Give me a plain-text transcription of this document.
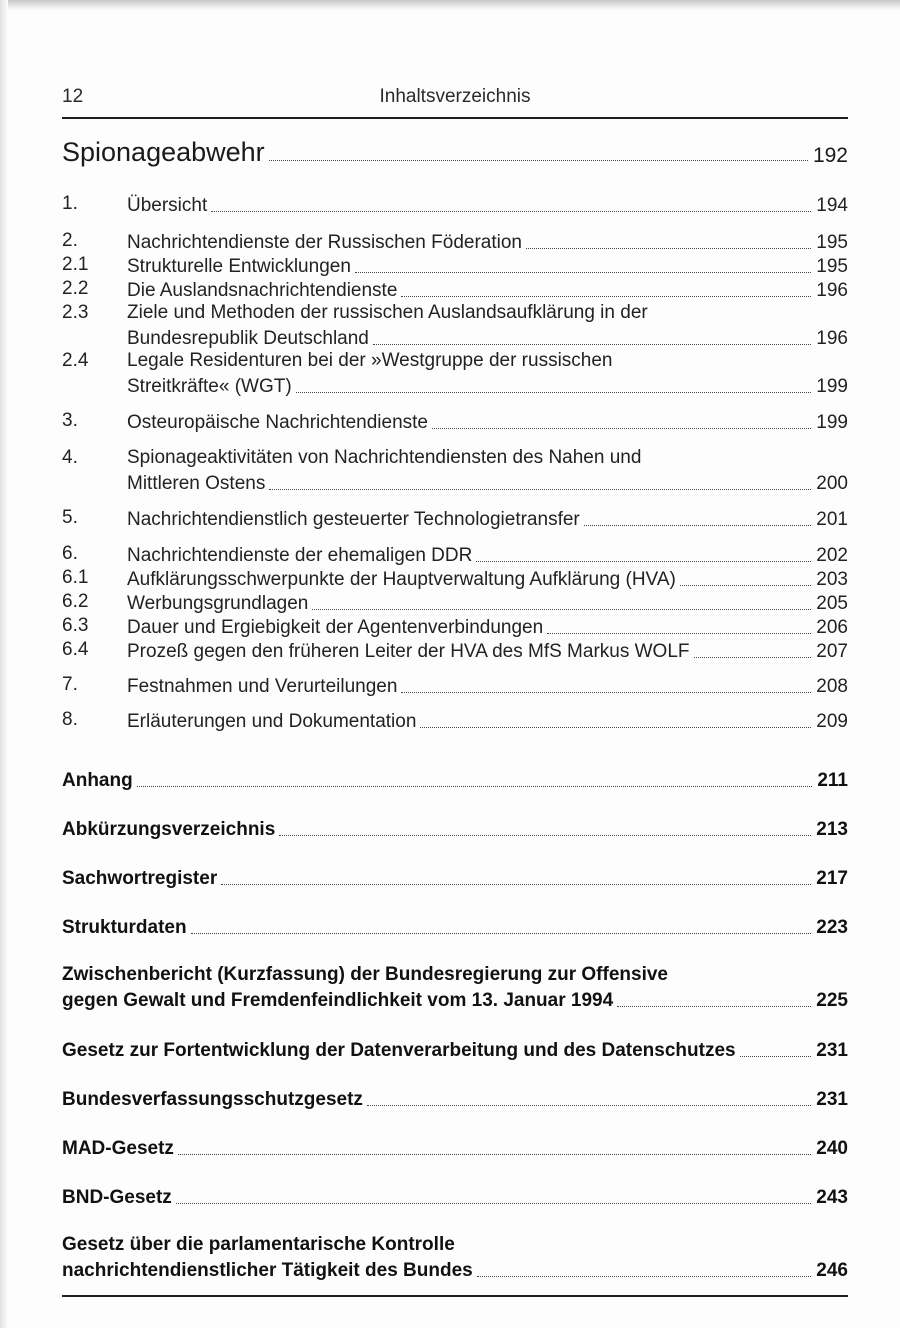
12	Inhaltsverzeichnis
Spionageabwehr	192
1.	Übersicht	194
2.	Nachrichtendienste der Russischen Föderation	195
2.1 Strukturelle Entwicklungen	195
2.2 Die Auslandsnachrichtendienste	196
2.3 Ziele und Methoden der russischen Auslandsaufklärung in der
Bundesrepublik Deutschland	196
2.4 Legale Residenturen bei der »Westgruppe der russischen
Streitkräfte« (WGT)	199
3.	Osteuropäische Nachrichtendienste	199
4.	Spionageaktivitäten von Nachrichtendiensten des Nahen und
Mittleren Ostens	200
5.	Nachrichtendienstlich gesteuerter Technologietransfer	201
6.	Nachrichtendienste der ehemaligen DDR	202
6.1 Aufklärungsschwerpunkte der Hauptverwaltung Aufklärung (HVA)	203
6.2 Werbungsgrundlagen	205
6.3 Dauer und Ergiebigkeit der Agentenverbindungen	206
6.4 Prozeß gegen den früheren Leiter der HVA des MfS Markus WOLF	207
7.	Festnahmen und Verurteilungen	208
8.	Erläuterungen und Dokumentation	209
Anhang	211
Abkürzungsverzeichnis	213
Sachwortregister	217
Strukturdaten	223
Zwischenbericht (Kurzfassung) der Bundesregierung zur Offensive
gegen Gewalt und Fremdenfeindlichkeit vom 13. Januar 1994	225
Gesetz zur Fortentwicklung der Datenverarbeitung und des Datenschutzes	231
Bundesverfassungsschutzgesetz	231
MAD-Gesetz	240
BND-Gesetz	243
Gesetz über die parlamentarische Kontrolle
nachrichtendienstlicher Tätigkeit des Bundes	246
